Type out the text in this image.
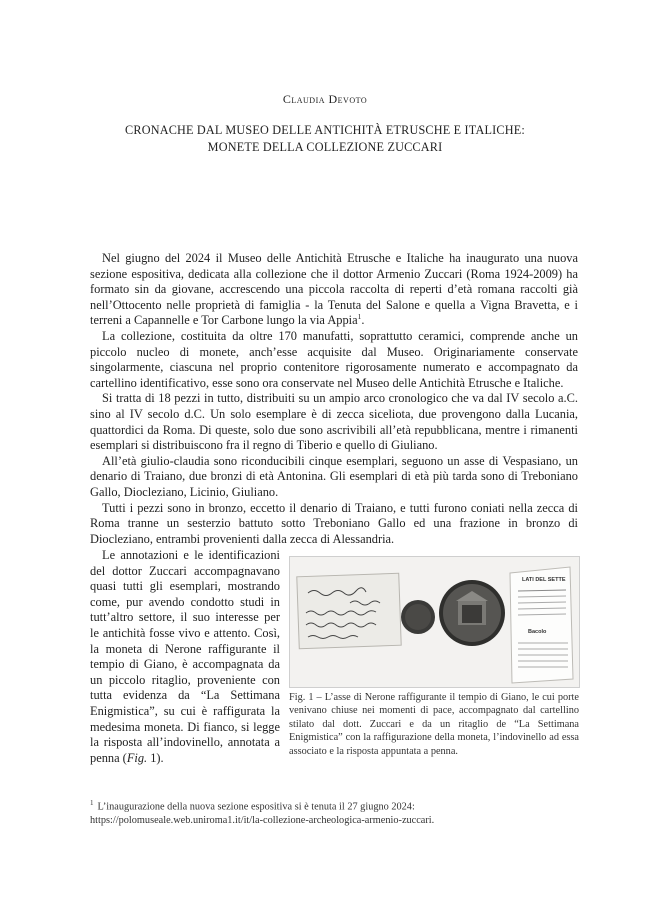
Claudia Devoto
CRONACHE DAL MUSEO DELLE ANTICHITÀ ETRUSCHE E ITALICHE:
MONETE DELLA COLLEZIONE ZUCCARI

Nel giugno del 2024 il Museo delle Antichità Etrusche e Italiche ha inaugurato una nuova sezione espositiva, dedicata alla collezione che il dottor Armenio Zuccari (Roma 1924-2009) ha formato sin da giovane, accrescendo una piccola raccolta di reperti d’età romana raccolti già nell’Ottocento nelle proprietà di famiglia - la Tenuta del Salone e quella a Vigna Bravetta, e i terreni a Capannelle e Tor Carbone lungo la via Appia$^1$.

La collezione, costituita da oltre 170 manufatti, soprattutto ceramici, comprende anche un piccolo nucleo di monete, anch’esse acquisite dal Museo. Originariamente conservate singolarmente, ciascuna nel proprio contenitore rigorosamente numerato e accompagnato da cartellino identificativo, esse sono ora conservate nel Museo delle Antichità Etrusche e Italiche.

Si tratta di 18 pezzi in tutto, distribuiti su un ampio arco cronologico che va dal IV secolo a.C. sino al IV secolo d.C. Un solo esemplare è di zecca siceliota, due provengono dalla Lucania, quattordici da Roma. Di queste, solo due sono ascrivibili all’età repubblicana, mentre i rimanenti esemplari si distribuiscono fra il regno di Tiberio e quello di Giuliano.

All’età giulio-claudia sono riconducibili cinque esemplari, seguono un asse di Vespasiano, un denario di Traiano, due bronzi di età Antonina. Gli esemplari di età più tarda sono di Treboniano Gallo, Diocleziano, Licinio, Giuliano.

Tutti i pezzi sono in bronzo, eccetto il denario di Traiano, e tutti furono coniati nella zecca di Roma tranne un sesterzio battuto sotto Treboniano Gallo ed una frazione in bronzo di Diocleziano, entrambi provenienti dalla zecca di Alessandria.

Le annotazioni e le identificazioni del dottor Zuccari accompagnavano quasi tutti gli esemplari, mostrando come, pur avendo condotto studi in tutt’altro settore, il suo interesse per le antichità fosse vivo e attento. Così, la moneta di Nerone raffigurante il tempio di Giano, è accompagnata da un piccolo ritaglio, proveniente con tutta evidenza da “La Settimana Enigmistica”, su cui è raffigurata la medesima moneta. Di fianco, si legge la risposta all’indovinello, annotata a penna (Fig. 1).

LATI DEL SETTE
Bacolo
Fig. 1 – L’asse di Nerone raffigurante il tempio di Giano, le cui porte venivano chiuse nei momenti di pace, accompagnato dal cartellino stilato dal dott. Zuccari e da un ritaglio de “La Settimana Enigmistica” con la raffigurazione della moneta, l’indovinello ad essa associato e la risposta appuntata a penna.
$^1$ L’inaugurazione della nuova sezione espositiva si è tenuta il 27 giugno 2024: https://polomuseale.web.uniroma1.it/it/la-collezione-archeologica-armenio-zuccari.
